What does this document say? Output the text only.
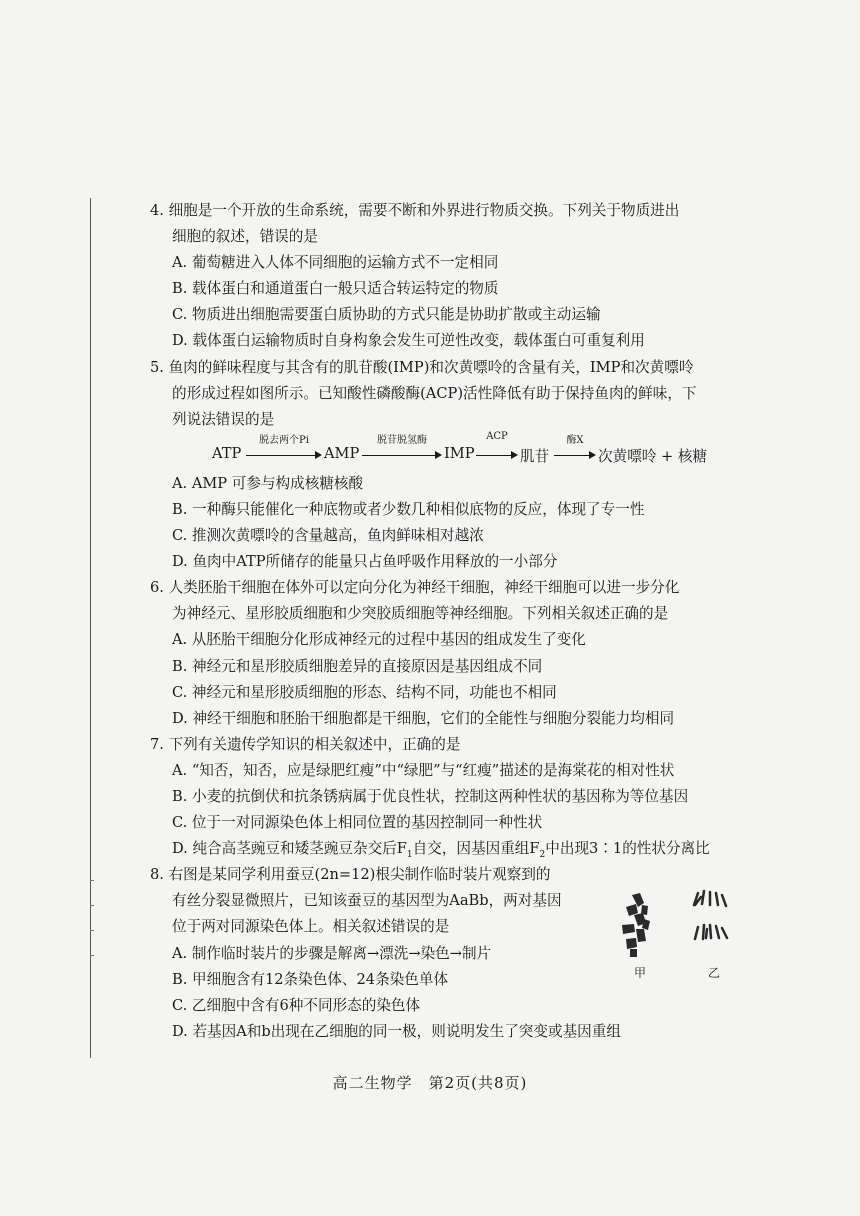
4. 细胞是一个开放的生命系统，需要不断和外界进行物质交换。下列关于物质进出
细胞的叙述，错误的是
A. 葡萄糖进入人体不同细胞的运输方式不一定相同
B. 载体蛋白和通道蛋白一般只适合转运特定的物质
C. 物质进出细胞需要蛋白质协助的方式只能是协助扩散或主动运输
D. 载体蛋白运输物质时自身构象会发生可逆性改变，载体蛋白可重复利用
5. 鱼肉的鲜味程度与其含有的肌苷酸(IMP)和次黄嘌呤的含量有关，IMP和次黄嘌呤
的形成过程如图所示。已知酸性磷酸酶(ACP)活性降低有助于保持鱼肉的鲜味，下
列说法错误的是
ATP
脱去两个Pi
AMP
脱苷脱氢酶
IMP
ACP
肌苷
酶X
次黄嘌呤 + 核糖
A. AMP 可参与构成核糖核酸
B. 一种酶只能催化一种底物或者少数几种相似底物的反应，体现了专一性
C. 推测次黄嘌呤的含量越高，鱼肉鲜味相对越浓
D. 鱼肉中ATP所储存的能量只占鱼呼吸作用释放的一小部分
6. 人类胚胎干细胞在体外可以定向分化为神经干细胞，神经干细胞可以进一步分化
为神经元、星形胶质细胞和少突胶质细胞等神经细胞。下列相关叙述正确的是
A. 从胚胎干细胞分化形成神经元的过程中基因的组成发生了变化
B. 神经元和星形胶质细胞差异的直接原因是基因组成不同
C. 神经元和星形胶质细胞的形态、结构不同，功能也不相同
D. 神经干细胞和胚胎干细胞都是干细胞，它们的全能性与细胞分裂能力均相同
7. 下列有关遗传学知识的相关叙述中，正确的是
A. “知否，知否，应是绿肥红瘦”中“绿肥”与“红瘦”描述的是海棠花的相对性状
B. 小麦的抗倒伏和抗条锈病属于优良性状，控制这两种性状的基因称为等位基因
C. 位于一对同源染色体上相同位置的基因控制同一种性状
D. 纯合高茎豌豆和矮茎豌豆杂交后$F_1$自交，因基因重组$F_2$中出现3∶1的性状分离比
8. 右图是某同学利用蚕豆(2n=12)根尖制作临时装片观察到的
有丝分裂显微照片，已知该蚕豆的基因型为AaBb，两对基因
位于两对同源染色体上。相关叙述错误的是
A. 制作临时装片的步骤是解离→漂洗→染色→制片
B. 甲细胞含有12条染色体、24条染色单体
C. 乙细胞中含有6种不同形态的染色体
D. 若基因A和b出现在乙细胞的同一极，则说明发生了突变或基因重组
甲	乙
高二生物学　第2页(共8页)
